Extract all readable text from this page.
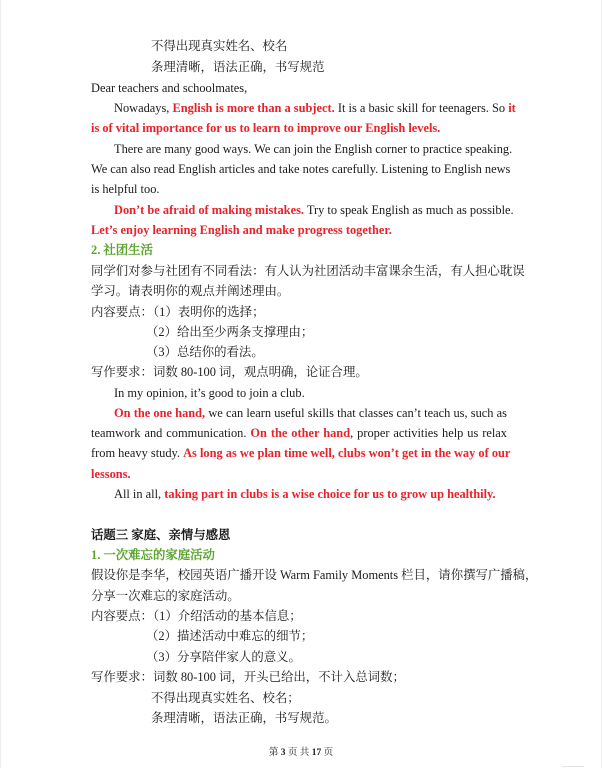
不得出现真实姓名、校名
条理清晰，语法正确，书写规范
Dear teachers and schoolmates,
Nowadays, English is more than a subject. It is a basic skill for teenagers. So it
is of vital importance for us to learn to improve our English levels.
There are many good ways. We can join the English corner to practice speaking.
We can also read English articles and take notes carefully. Listening to English news
is helpful too.
Don’t be afraid of making mistakes. Try to speak English as much as possible.
Let’s enjoy learning English and make progress together.
2. 社团生活
同学们对参与社团有不同看法：有人认为社团活动丰富课余生活，有人担心耽误
学习。请表明你的观点并阐述理由。
内容要点：（1）表明你的选择；
（2）给出至少两条支撑理由；
（3）总结你的看法。
写作要求：词数 80-100 词，观点明确，论证合理。
In my opinion, it’s good to join a club.
On the one hand, we can learn useful skills that classes can’t teach us, such as
teamwork and communication. On the other hand, proper activities help us relax
from heavy study. As long as we plan time well, clubs won’t get in the way of our
lessons.
All in all, taking part in clubs is a wise choice for us to grow up healthily.
话题三 家庭、亲情与感恩
1. 一次难忘的家庭活动
假设你是李华，校园英语广播开设 Warm Family Moments 栏目，请你撰写广播稿，
分享一次难忘的家庭活动。
内容要点：（1）介绍活动的基本信息；
（2）描述活动中难忘的细节；
（3）分享陪伴家人的意义。
写作要求：词数 80-100 词，开头已给出，不计入总词数；
不得出现真实姓名、校名；
条理清晰，语法正确，书写规范。
第 3 页 共 17 页
